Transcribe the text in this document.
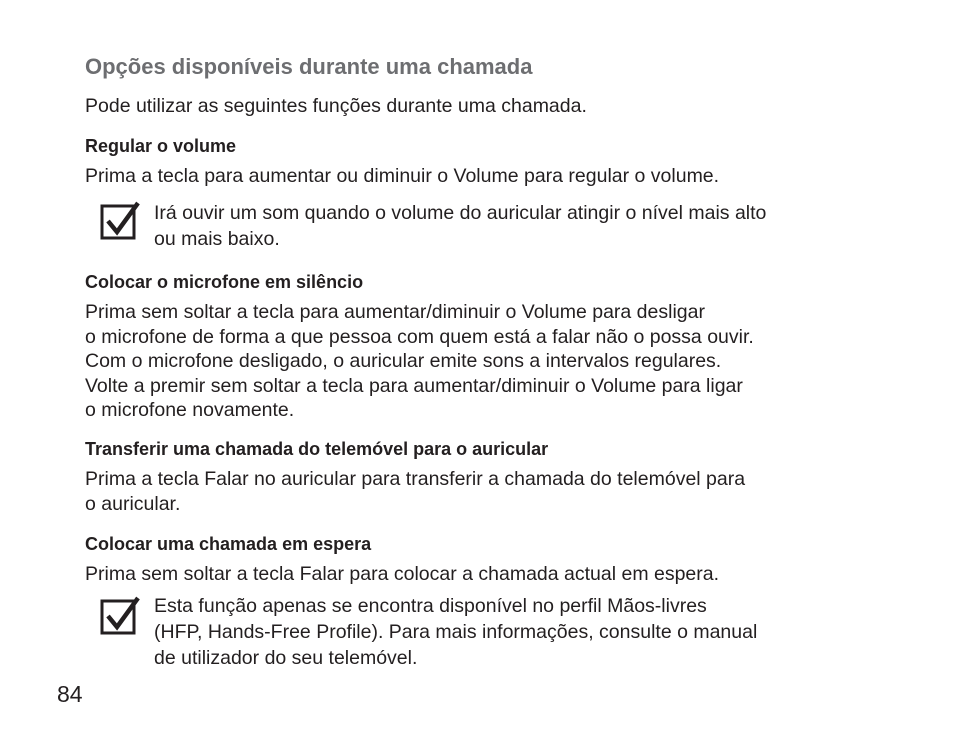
Opções disponíveis durante uma chamada
Pode utilizar as seguintes funções durante uma chamada.
Regular o volume
Prima a tecla para aumentar ou diminuir o Volume para regular o volume.
Irá ouvir um som quando o volume do auricular atingir o nível mais alto
ou mais baixo.
Colocar o microfone em silêncio
Prima sem soltar a tecla para aumentar/diminuir o Volume para desligar
o microfone de forma a que pessoa com quem está a falar não o possa ouvir.
Com o microfone desligado, o auricular emite sons a intervalos regulares.
Volte a premir sem soltar a tecla para aumentar/diminuir o Volume para ligar
o microfone novamente.
Transferir uma chamada do telemóvel para o auricular
Prima a tecla Falar no auricular para transferir a chamada do telemóvel para
o auricular.
Colocar uma chamada em espera
Prima sem soltar a tecla Falar para colocar a chamada actual em espera.
Esta função apenas se encontra disponível no perfil Mãos-livres
(HFP, Hands-Free Profile). Para mais informações, consulte o manual
de utilizador do seu telemóvel.
84
